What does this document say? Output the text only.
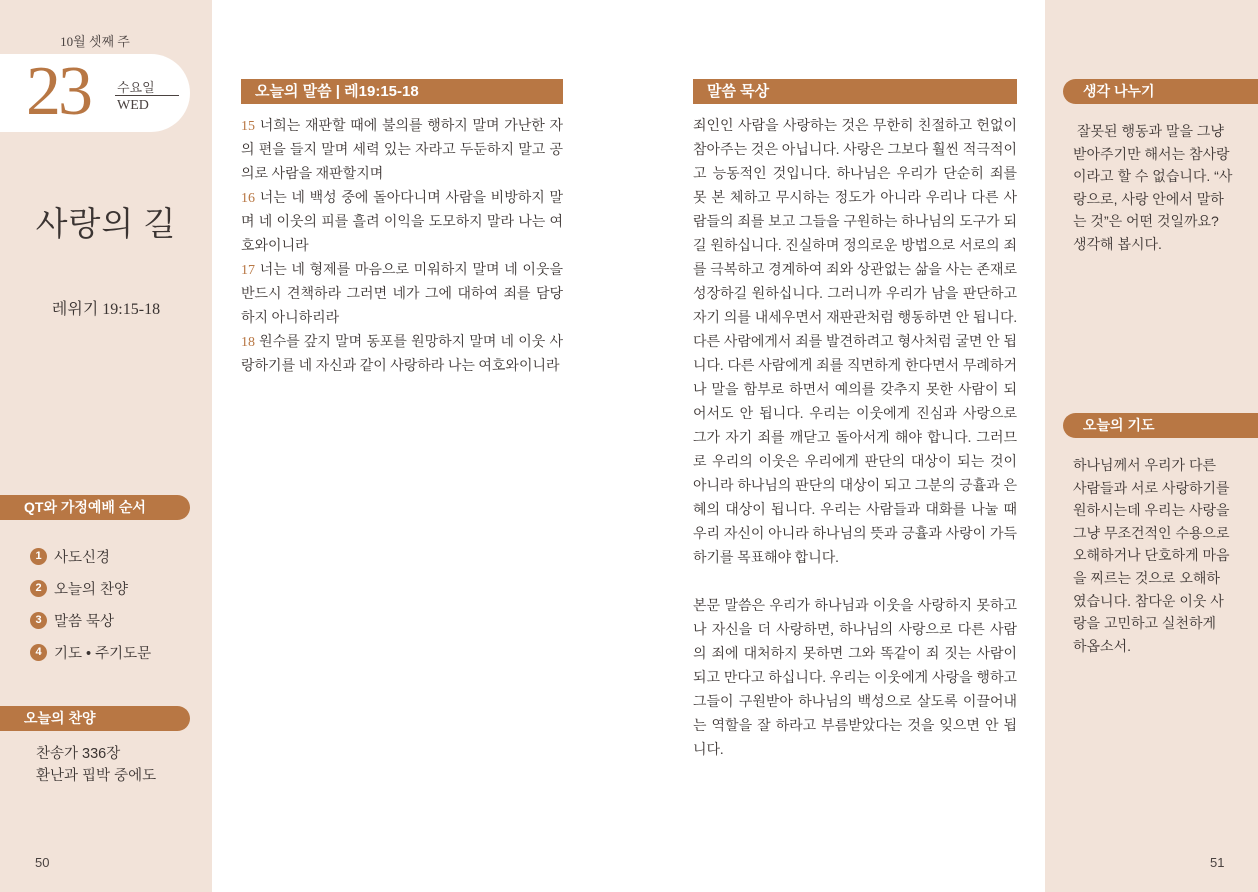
10월 셋째 주
23 수요일
WED
사랑의 길
레위기 19:15-18
QT와 가정예배 순서
1 사도신경
2 오늘의 찬양
3 말씀 묵상
4 기도 • 주기도문
오늘의 찬양
찬송가 336장
환난과 핍박 중에도
50
오늘의 말씀 | 레19:15-18
15 너희는 재판할 때에 불의를 행하지 말며 가난한 자의 편을 들지 말며 세력 있는 자라고 두둔하지 말고 공의로 사람을 재판할지며
16 너는 네 백성 중에 돌아다니며 사람을 비방하지 말며 네 이웃의 피를 흘려 이익을 도모하지 말라 나는 여호와이니라
17 너는 네 형제를 마음으로 미워하지 말며 네 이웃을 반드시 견책하라 그러면 네가 그에 대하여 죄를 담당하지 아니하리라
18 원수를 갚지 말며 동포를 원망하지 말며 네 이웃 사랑하기를 네 자신과 같이 사랑하라 나는 여호와이니라
말씀 묵상

죄인인 사람을 사랑하는 것은 무한히 친절하고 헌없이 참아주는 것은 아닙니다. 사랑은 그보다 훨씬 적극적이고 능동적인 것입니다. 하나님은 우리가 단순히 죄를 못 본 체하고 무시하는 정도가 아니라 우리나 다른 사람들의 죄를 보고 그들을 구원하는 하나님의 도구가 되길 원하십니다. 진실하며 정의로운 방법으로 서로의 죄를 극복하고 경계하여 죄와 상관없는 삶을 사는 존재로 성장하길 원하십니다. 그러니까 우리가 남을 판단하고 자기 의를 내세우면서 재판관처럼 행동하면 안 됩니다. 다른 사람에게서 죄를 발견하려고 형사처럼 굴면 안 됩니다. 다른 사람에게 죄를 직면하게 한다면서 무례하거나 말을 함부로 하면서 예의를 갖추지 못한 사람이 되어서도 안 됩니다. 우리는 이웃에게 진심과 사랑으로 그가 자기 죄를 깨닫고 돌아서게 해야 합니다. 그러므로 우리의 이웃은 우리에게 판단의 대상이 되는 것이 아니라 하나님의 판단의 대상이 되고 그분의 긍휼과 은혜의 대상이 됩니다. 우리는 사람들과 대화를 나눌 때 우리 자신이 아니라 하나님의 뜻과 긍휼과 사랑이 가득하기를 목표해야 합니다.

본문 말씀은 우리가 하나님과 이웃을 사랑하지 못하고 나 자신을 더 사랑하면, 하나님의 사랑으로 다른 사람의 죄에 대처하지 못하면 그와 똑같이 죄 짓는 사람이 되고 만다고 하십니다. 우리는 이웃에게 사랑을 행하고 그들이 구원받아 하나님의 백성으로 살도록 이끌어내는 역할을 잘 하라고 부름받았다는 것을 잊으면 안 됩니다.

생각 나누기
잘못된 행동과 말을 그냥 받아주기만 해서는 참사랑이라고 할 수 없습니다. “사랑으로, 사랑 안에서 말하는 것”은 어떤 것일까요? 생각해 봅시다.
오늘의 기도
하나님께서 우리가 다른 사람들과 서로 사랑하기를 원하시는데 우리는 사랑을 그냥 무조건적인 수용으로 오해하거나 단호하게 마음을 찌르는 것으로 오해하였습니다. 참다운 이웃 사랑을 고민하고 실천하게 하옵소서.
51
